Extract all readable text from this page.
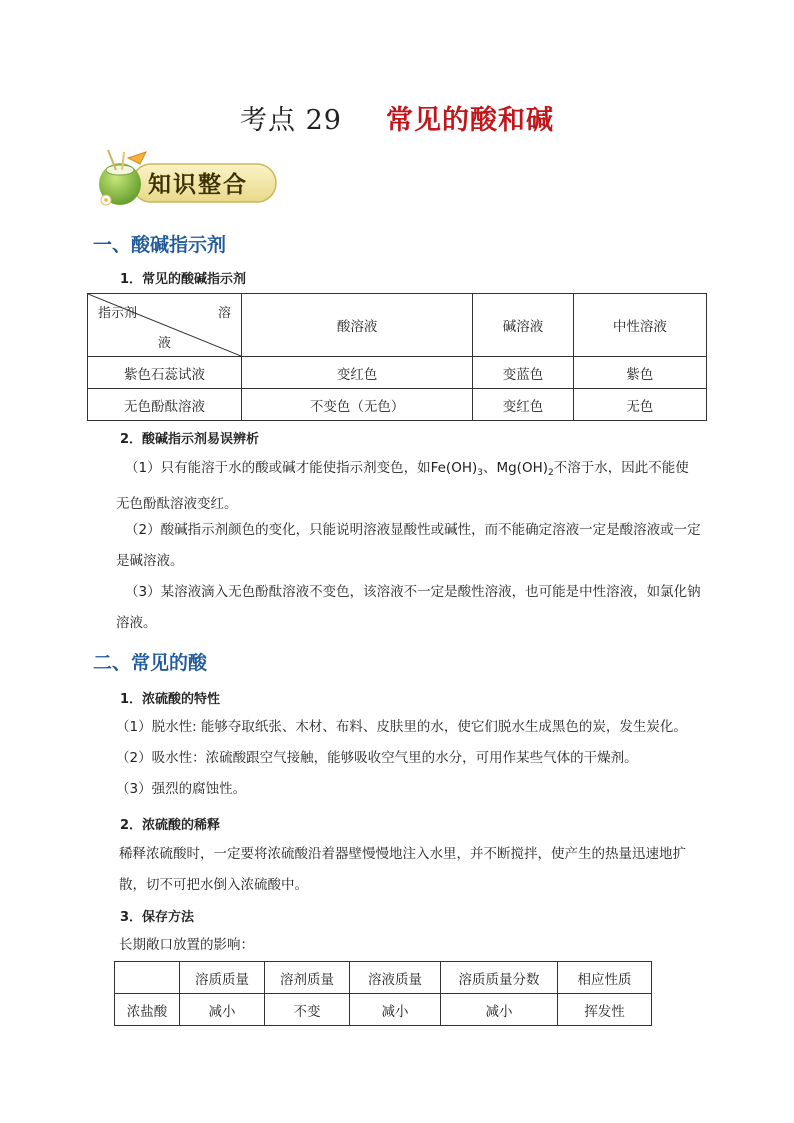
考点 29 常见的酸和碱
知识整合
一、酸碱指示剂
1．常见的酸碱指示剂
指示剂 溶
液	酸溶液	碱溶液	中性溶液
紫色石蕊试液	变红色	变蓝色	紫色
无色酚酞溶液	不变色（无色）	变红色	无色
2．酸碱指示剂易误辨析
（1）只有能溶于水的酸或碱才能使指示剂变色，如$Fe(OH)_3$、$Mg(OH)_2$不溶于水，因此不能使无色酚酞溶液变红。
（2）酸碱指示剂颜色的变化，只能说明溶液显酸性或碱性，而不能确定溶液一定是酸溶液或一定是碱溶液。
（3）某溶液滴入无色酚酞溶液不变色，该溶液不一定是酸性溶液，也可能是中性溶液，如氯化钠溶液。
二、常见的酸
1．浓硫酸的特性
（1）脱水性: 能够夺取纸张、木材、布料、皮肤里的水，使它们脱水生成黑色的炭，发生炭化。
（2）吸水性：浓硫酸跟空气接触，能够吸收空气里的水分，可用作某些气体的干燥剂。
（3）强烈的腐蚀性。
2．浓硫酸的稀释
稀释浓硫酸时，一定要将浓硫酸沿着器壁慢慢地注入水里，并不断搅拌，使产生的热量迅速地扩散，切不可把水倒入浓硫酸中。
3．保存方法
长期敞口放置的影响：
	溶质质量	溶剂质量	溶液质量	溶质质量分数	相应性质
浓盐酸	减小	不变	减小	减小	挥发性
